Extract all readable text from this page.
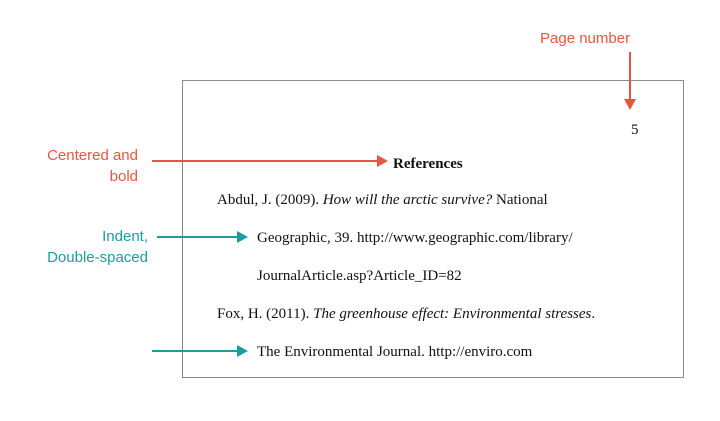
Page number
Centered and
bold
Indent,
Double-spaced
5
References
Abdul, J. (2009). How will the arctic survive? National
Geographic, 39. http://www.geographic.com/library/
JournalArticle.asp?Article_ID=82
Fox, H. (2011). The greenhouse effect: Environmental stresses.
The Environmental Journal. http://enviro.com
